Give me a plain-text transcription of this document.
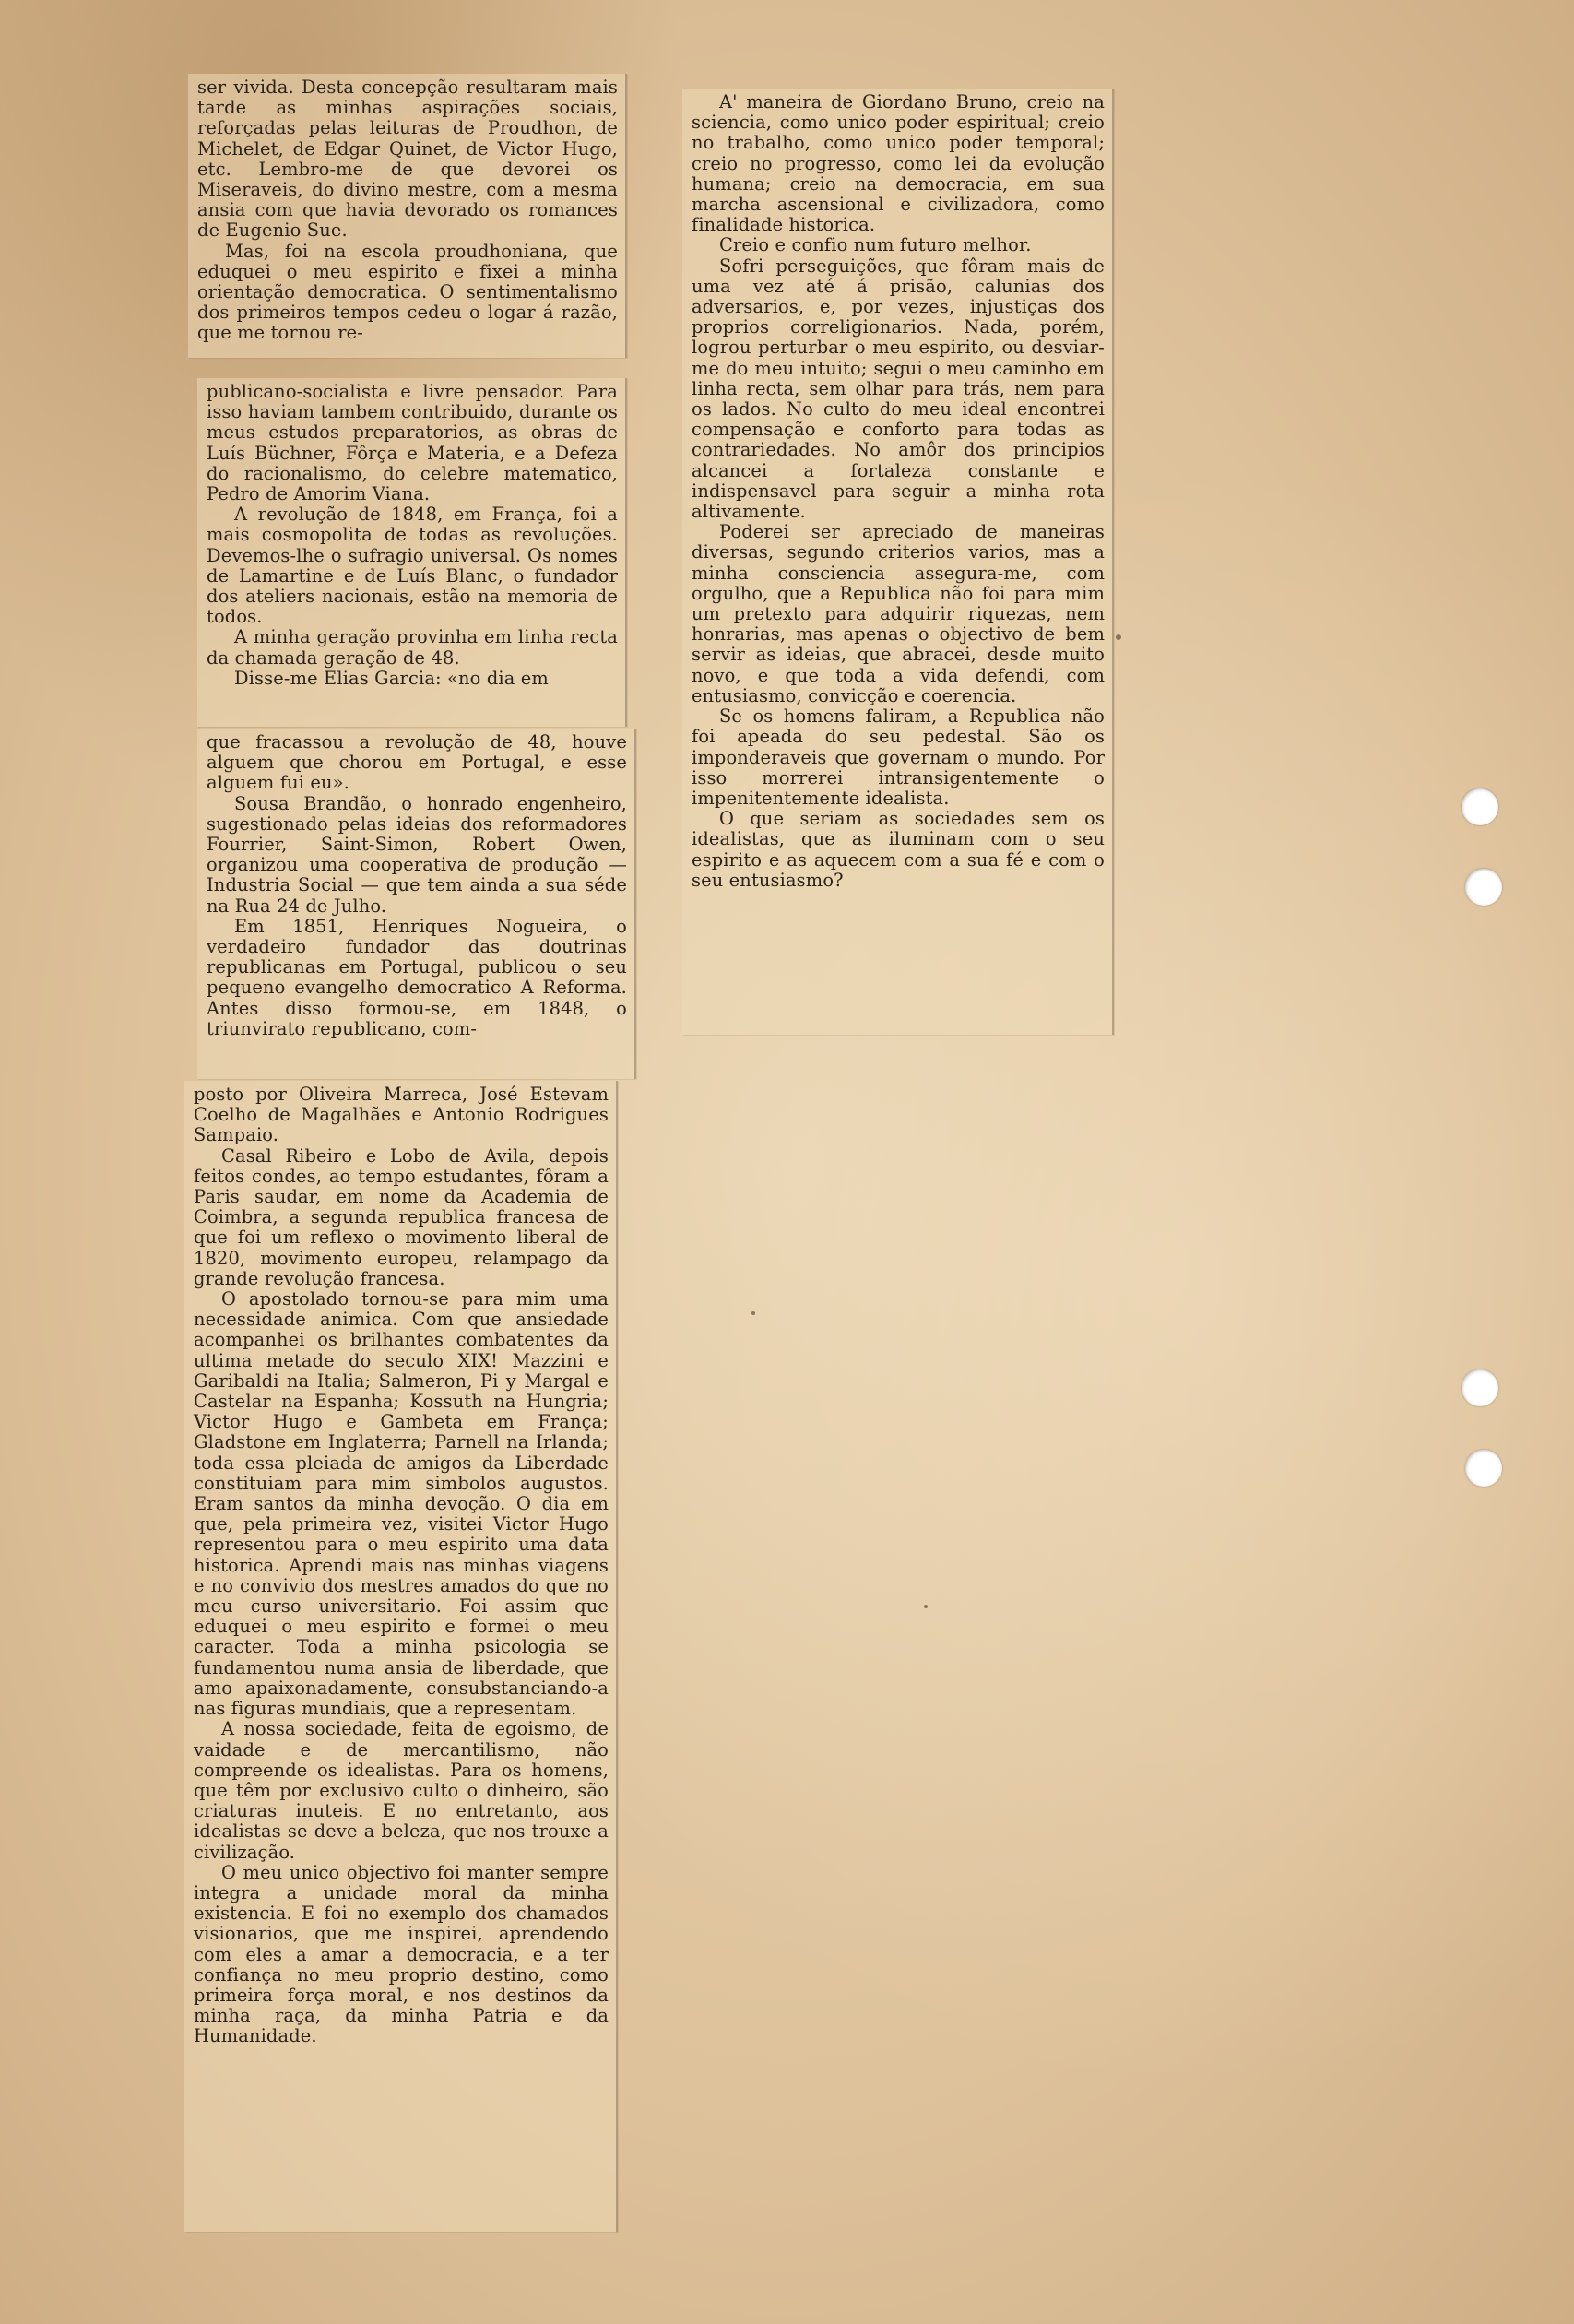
ser vivida. Desta concepção resultaram mais tarde as minhas aspirações sociais, reforçadas pelas leituras de Proudhon, de Michelet, de Edgar Quinet, de Victor Hugo, etc. Lembro-me de que devorei os Miseraveis, do divino mestre, com a mesma ansia com que havia devorado os romances de Eugenio Sue.

Mas, foi na escola proudhoniana, que eduquei o meu espirito e fixei a minha orientação democratica. O sentimentalismo dos primeiros tempos cedeu o logar á razão, que me tornou re-

publicano-socialista e livre pensador. Para isso haviam tambem contribuido, durante os meus estudos preparatorios, as obras de Luís Büchner, Fôrça e Materia, e a Defeza do racionalismo, do celebre matematico, Pedro de Amorim Viana.

A revolução de 1848, em França, foi a mais cosmopolita de todas as revoluções. Devemos-lhe o sufragio universal. Os nomes de Lamartine e de Luís Blanc, o fundador dos ateliers nacionais, estão na memoria de todos.

A minha geração provinha em linha recta da chamada geração de 48.

Disse-me Elias Garcia: «no dia em

que fracassou a revolução de 48, houve alguem que chorou em Portugal, e esse alguem fui eu».

Sousa Brandão, o honrado engenheiro, sugestionado pelas ideias dos reformadores Fourrier, Saint-Simon, Robert Owen, organizou uma cooperativa de produção — Industria Social — que tem ainda a sua séde na Rua 24 de Julho.

Em 1851, Henriques Nogueira, o verdadeiro fundador das doutrinas republicanas em Portugal, publicou o seu pequeno evangelho democratico A Reforma. Antes disso formou-se, em 1848, o triunvirato republicano, com-

posto por Oliveira Marreca, José Estevam Coelho de Magalhães e Antonio Rodrigues Sampaio.

Casal Ribeiro e Lobo de Avila, depois feitos condes, ao tempo estudantes, fôram a Paris saudar, em nome da Academia de Coimbra, a segunda republica francesa de que foi um reflexo o movimento liberal de 1820, movimento europeu, relampago da grande revolução francesa.

O apostolado tornou-se para mim uma necessidade animica. Com que ansiedade acompanhei os brilhantes combatentes da ultima metade do seculo XIX! Mazzini e Garibaldi na Italia; Salmeron, Pi y Margal e Castelar na Espanha; Kossuth na Hungria; Victor Hugo e Gambeta em França; Gladstone em Inglaterra; Parnell na Irlanda; toda essa pleiada de amigos da Liberdade constituiam para mim simbolos augustos. Eram santos da minha devoção. O dia em que, pela primeira vez, visitei Victor Hugo representou para o meu espirito uma data historica. Aprendi mais nas minhas viagens e no convivio dos mestres amados do que no meu curso universitario. Foi assim que eduquei o meu espirito e formei o meu caracter. Toda a minha psicologia se fundamentou numa ansia de liberdade, que amo apaixonadamente, consubstanciando-a nas figuras mundiais, que a representam.

A nossa sociedade, feita de egoismo, de vaidade e de mercantilismo, não compreende os idealistas. Para os homens, que têm por exclusivo culto o dinheiro, são criaturas inuteis. E no entretanto, aos idealistas se deve a beleza, que nos trouxe a civilização.

O meu unico objectivo foi manter sempre integra a unidade moral da minha existencia. E foi no exemplo dos chamados visionarios, que me inspirei, aprendendo com eles a amar a democracia, e a ter confiança no meu proprio destino, como primeira força moral, e nos destinos da minha raça, da minha Patria e da Humanidade.

A' maneira de Giordano Bruno, creio na sciencia, como unico poder espiritual; creio no trabalho, como unico poder temporal; creio no progresso, como lei da evolução humana; creio na democracia, em sua marcha ascensional e civilizadora, como finalidade historica.

Creio e confio num futuro melhor.

Sofri perseguições, que fôram mais de uma vez até á prisão, calunias dos adversarios, e, por vezes, injustiças dos proprios correligionarios. Nada, porém, logrou perturbar o meu espirito, ou desviar-me do meu intuito; segui o meu caminho em linha recta, sem olhar para trás, nem para os lados. No culto do meu ideal encontrei compensação e conforto para todas as contrariedades. No amôr dos principios alcancei a fortaleza constante e indispensavel para seguir a minha rota altivamente.

Poderei ser apreciado de maneiras diversas, segundo criterios varios, mas a minha consciencia assegura-me, com orgulho, que a Republica não foi para mim um pretexto para adquirir riquezas, nem honrarias, mas apenas o objectivo de bem servir as ideias, que abracei, desde muito novo, e que toda a vida defendi, com entusiasmo, convicção e coerencia.

Se os homens faliram, a Republica não foi apeada do seu pedestal. São os imponderaveis que governam o mundo. Por isso morrerei intransigentemente o impenitentemente idealista.

O que seriam as sociedades sem os idealistas, que as iluminam com o seu espirito e as aquecem com a sua fé e com o seu entusiasmo?
